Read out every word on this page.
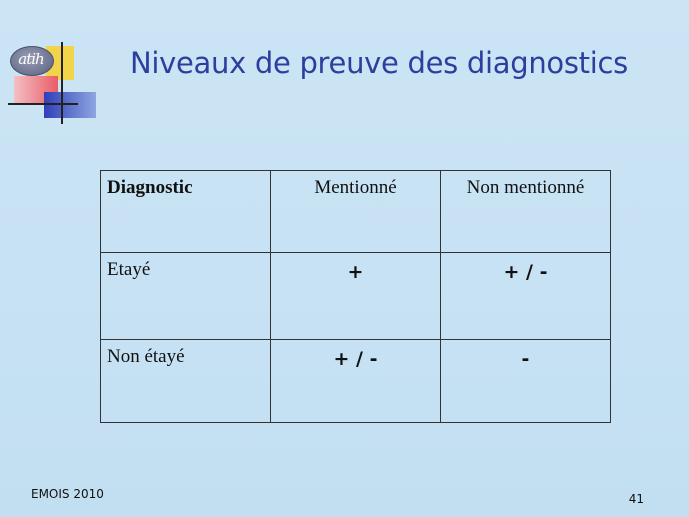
atih	Niveaux de preuve des diagnostics
Diagnostic	Mentionné	Non mentionné

Etayé	+	+ / -

Non étayé	+ / -	-
EMOIS 2010	41
